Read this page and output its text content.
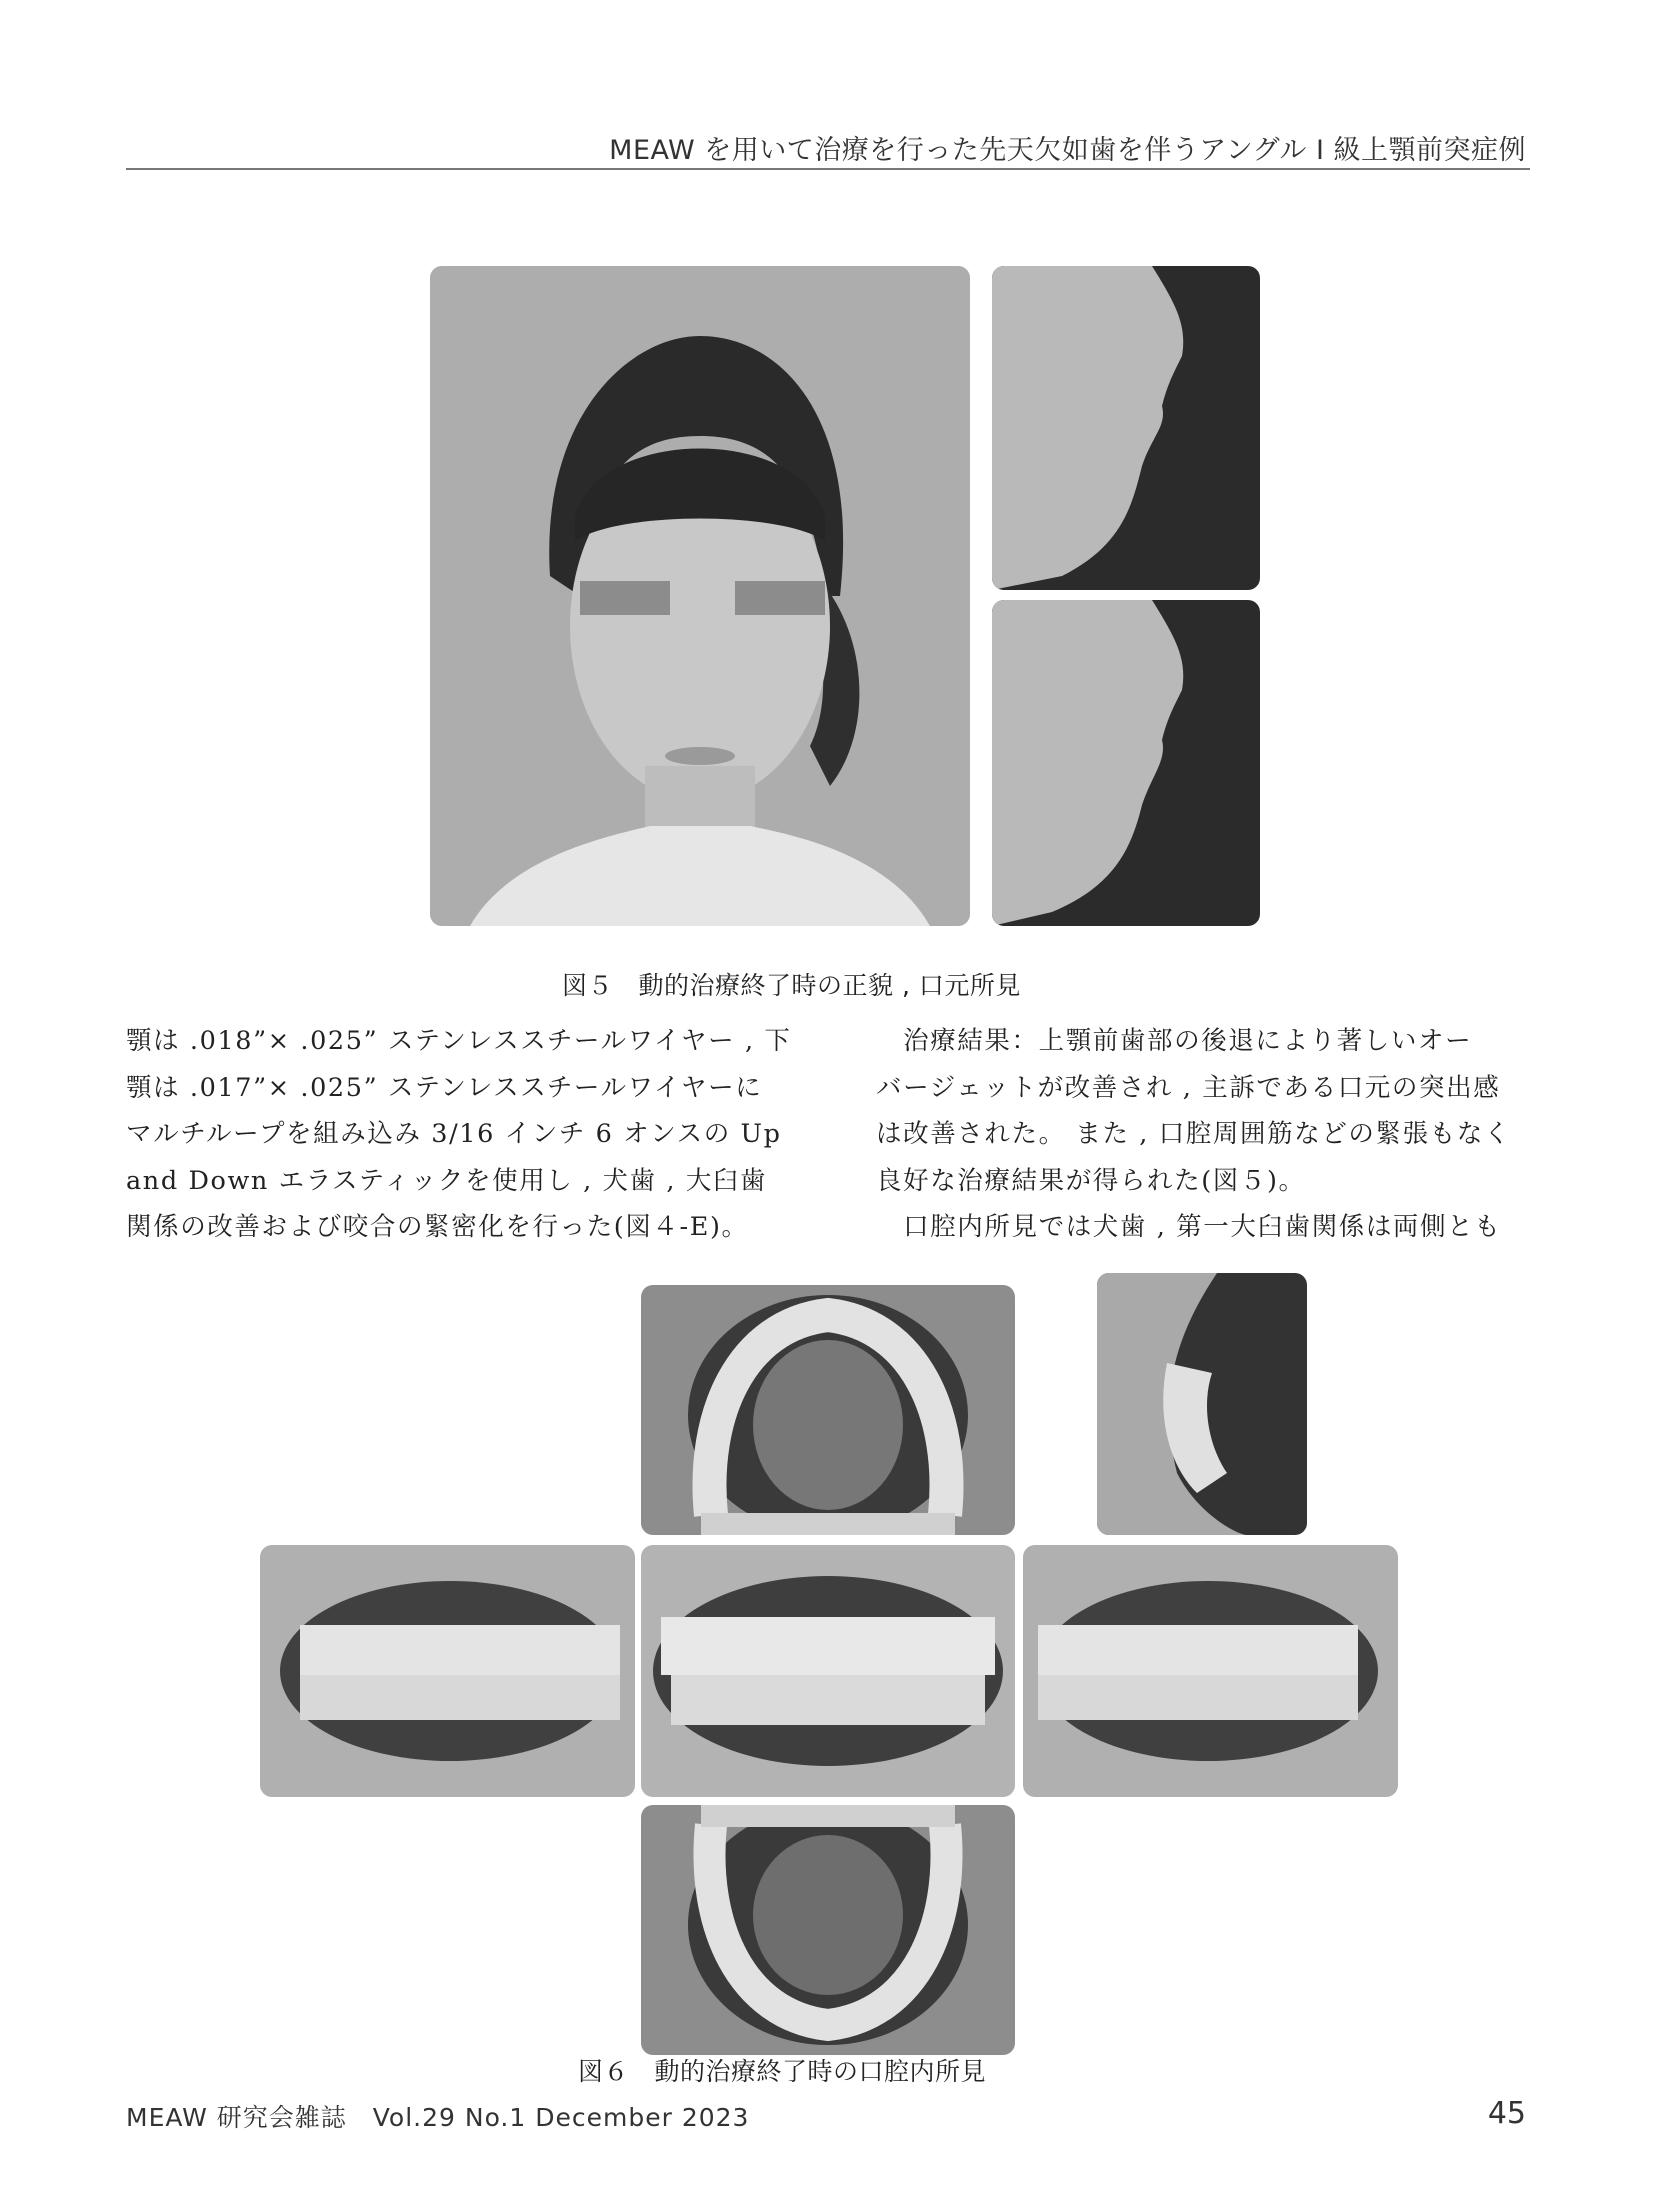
MEAW を用いて治療を行った先天欠如歯を伴うアングル I 級上顎前突症例
図５　動的治療終了時の正貌 , 口元所見

顎は .018”× .025” ステンレススチールワイヤー , 下

顎は .017”× .025” ステンレススチールワイヤーに

マルチループを組み込み 3/16 インチ 6 オンスの Up

and Down エラスティックを使用し , 犬歯 , 大臼歯

関係の改善および咬合の緊密化を行った(図４-E)。

　治療結果：上顎前歯部の後退により著しいオー

バージェットが改善され , 主訴である口元の突出感

は改善された。 また , 口腔周囲筋などの緊張もなく

良好な治療結果が得られた(図５)。

　口腔内所見では犬歯 , 第一大臼歯関係は両側とも

図６　動的治療終了時の口腔内所見
MEAW 研究会雑誌　Vol.29 No.1 December 2023	45
